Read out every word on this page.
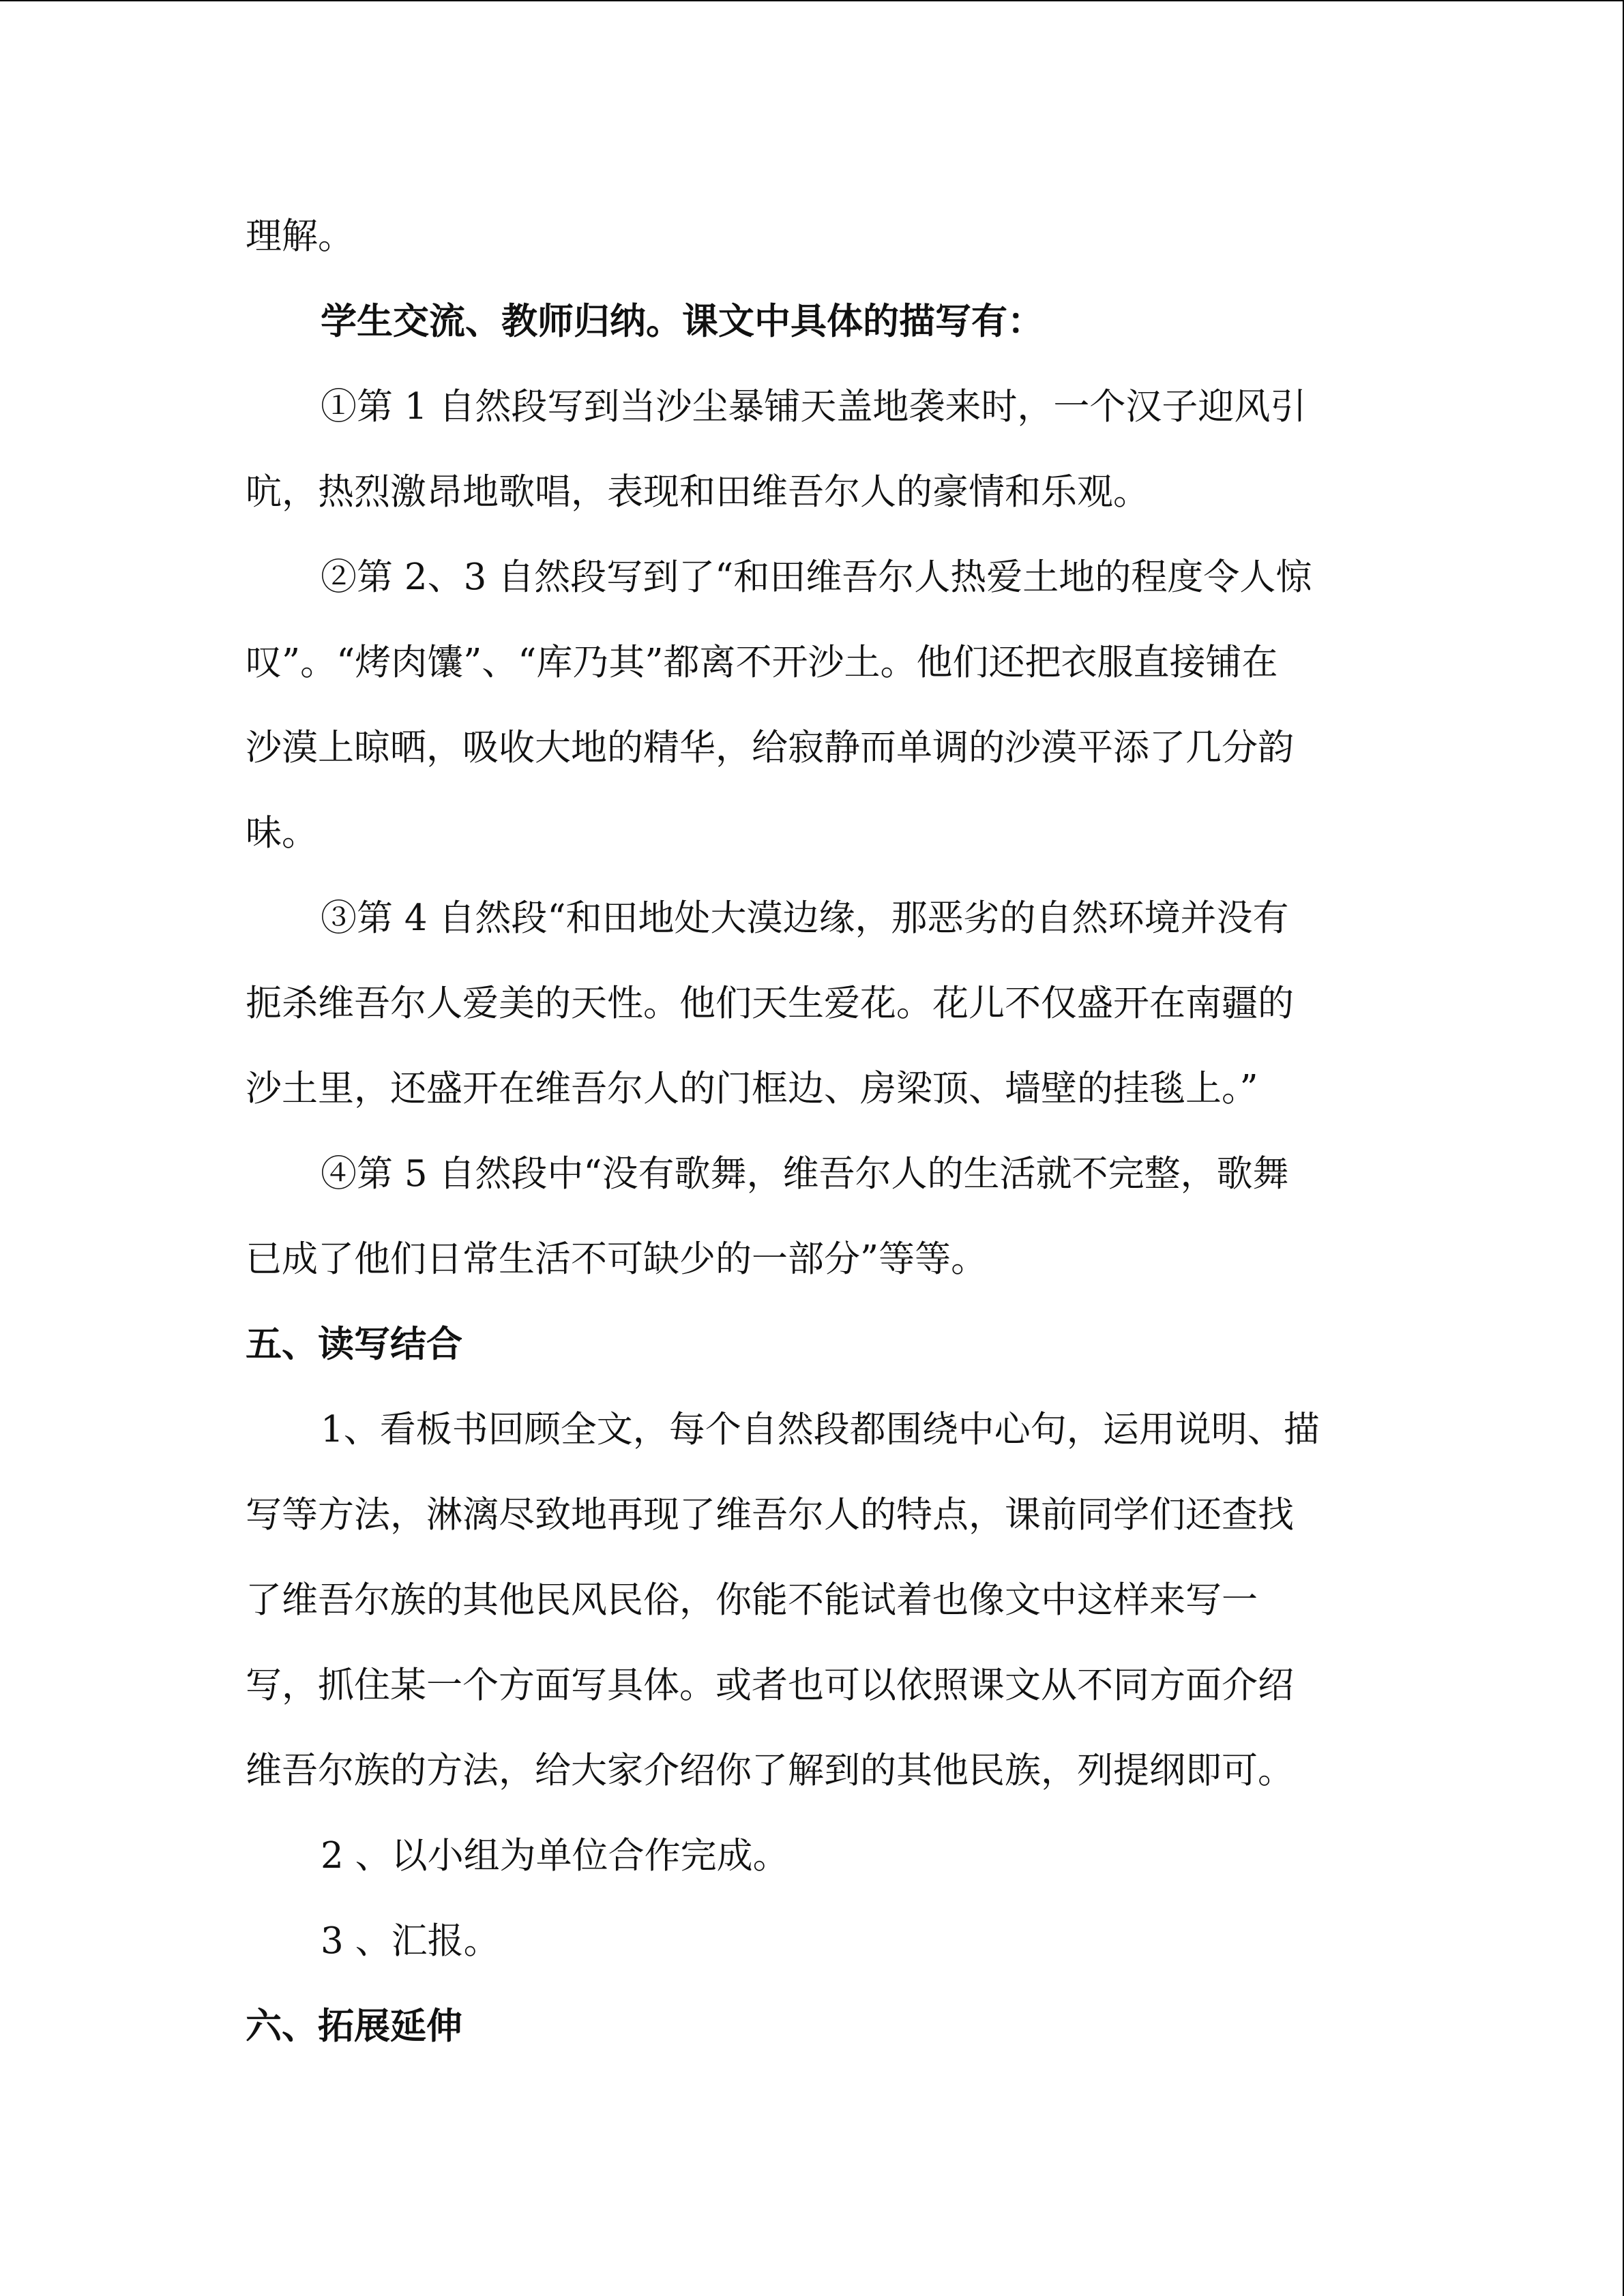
理解。

学生交流、教师归纳。课文中具体的描写有：

①第 1 自然段写到当沙尘暴铺天盖地袭来时，一个汉子迎风引

吭，热烈激昂地歌唱，表现和田维吾尔人的豪情和乐观。

②第 2、3 自然段写到了“和田维吾尔人热爱土地的程度令人惊

叹”。“烤肉馕”、“库乃其”都离不开沙土。他们还把衣服直接铺在

沙漠上晾晒，吸收大地的精华，给寂静而单调的沙漠平添了几分韵

味。

③第 4 自然段“和田地处大漠边缘，那恶劣的自然环境并没有

扼杀维吾尔人爱美的天性。他们天生爱花。花儿不仅盛开在南疆的

沙土里，还盛开在维吾尔人的门框边、房梁顶、墙壁的挂毯上。”

④第 5 自然段中“没有歌舞，维吾尔人的生活就不完整，歌舞

已成了他们日常生活不可缺少的一部分”等等。

五、读写结合

1、看板书回顾全文，每个自然段都围绕中心句，运用说明、描

写等方法，淋漓尽致地再现了维吾尔人的特点，课前同学们还查找

了维吾尔族的其他民风民俗，你能不能试着也像文中这样来写一

写，抓住某一个方面写具体。或者也可以依照课文从不同方面介绍

维吾尔族的方法，给大家介绍你了解到的其他民族，列提纲即可。

2 、以小组为单位合作完成。

3 、汇报。

六、拓展延伸
